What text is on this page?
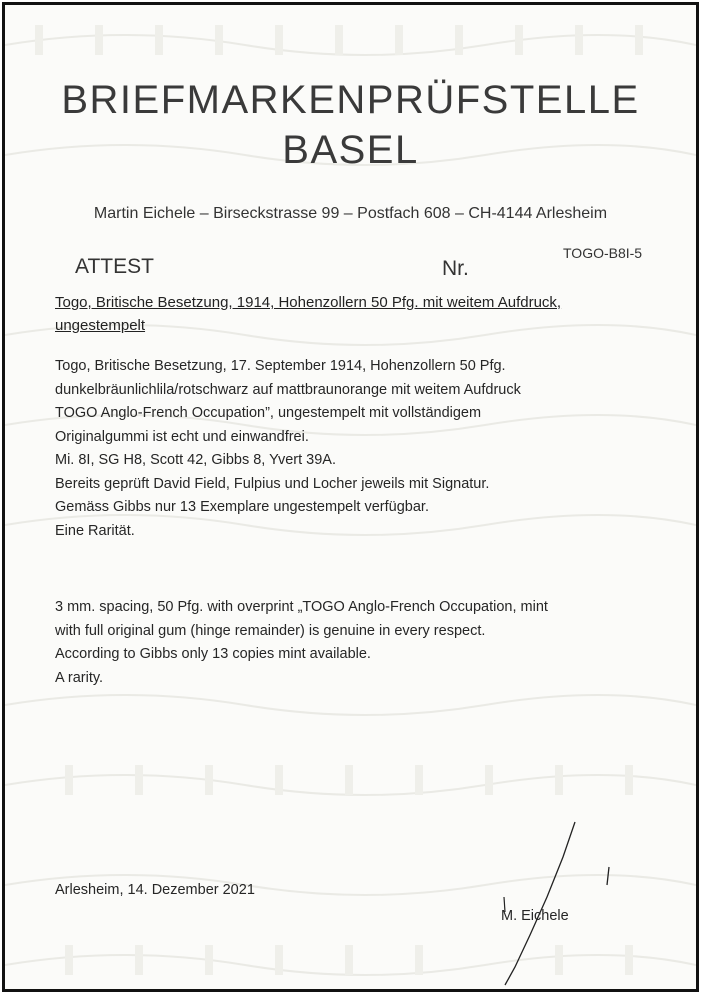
BRIEFMARKENPRÜFSTELLE
BASEL
Martin Eichele – Birseckstrasse 99 – Postfach 608 – CH-4144 Arlesheim
ATTEST	Nr.
TOGO-B8I-5
Togo, Britische Besetzung, 1914, Hohenzollern 50 Pfg. mit weitem Aufdruck,
ungestempelt
Togo, Britische Besetzung, 17. September 1914, Hohenzollern 50 Pfg.
dunkelbräunlichlila/rotschwarz auf mattbraunorange mit weitem Aufdruck
TOGO Anglo-French Occupation”, ungestempelt mit vollständigem
Originalgummi ist echt und einwandfrei.
Mi. 8I, SG H8, Scott 42, Gibbs 8, Yvert 39A.
Bereits geprüft David Field, Fulpius und Locher jeweils mit Signatur.
Gemäss Gibbs nur 13 Exemplare ungestempelt verfügbar.
Eine Rarität.
3 mm. spacing, 50 Pfg. with overprint „TOGO Anglo-French Occupation, mint
with full original gum (hinge remainder) is genuine in every respect.
According to Gibbs only 13 copies mint available.
A rarity.
Arlesheim, 14. Dezember 2021
M. Eichele
